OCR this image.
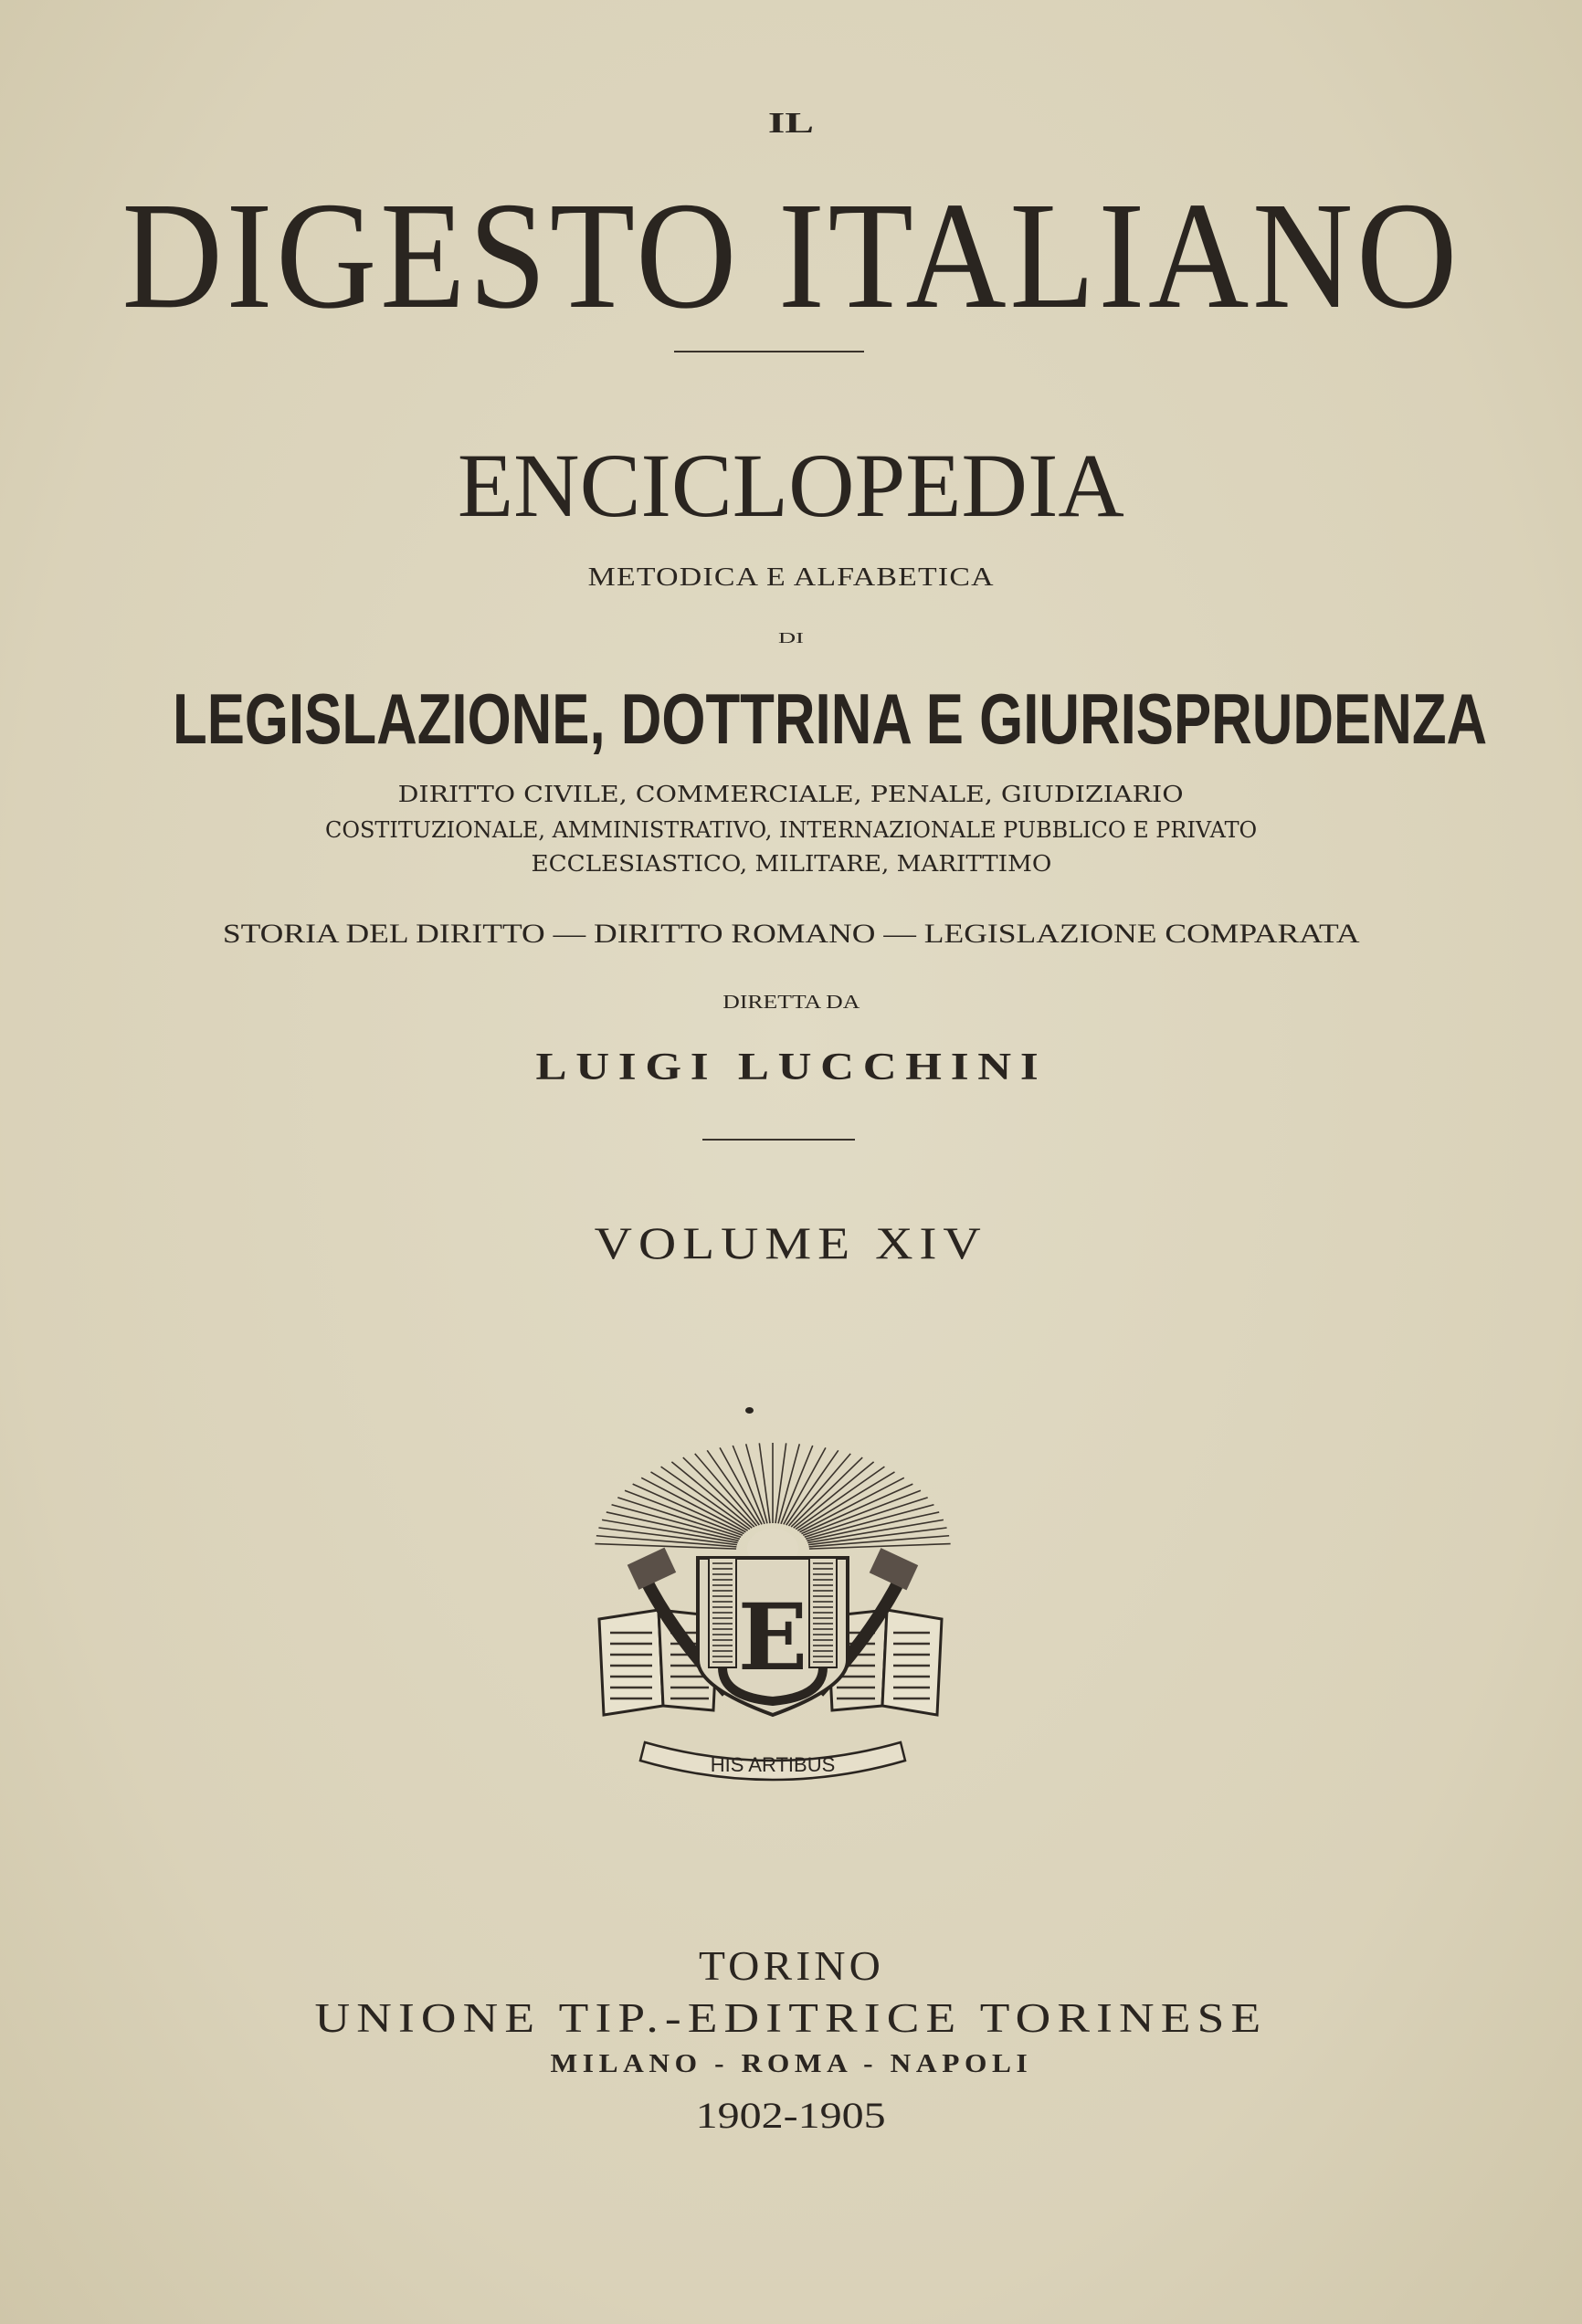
IL
DIGESTO ITALIANO
ENCICLOPEDIA
METODICA E ALFABETICA
DI
LEGISLAZIONE, DOTTRINA E GIURISPRUDENZA
DIRITTO CIVILE, COMMERCIALE, PENALE, GIUDIZIARIO
COSTITUZIONALE, AMMINISTRATIVO, INTERNAZIONALE PUBBLICO E PRIVATO
ECCLESIASTICO, MILITARE, MARITTIMO
STORIA DEL DIRITTO — DIRITTO ROMANO — LEGISLAZIONE COMPARATA
DIRETTA DA
LUIGI LUCCHINI
VOLUME XIV
E
HIS ARTIBUS
TORINO
UNIONE TIP.-EDITRICE TORINESE
MILANO - ROMA - NAPOLI
1902-1905
